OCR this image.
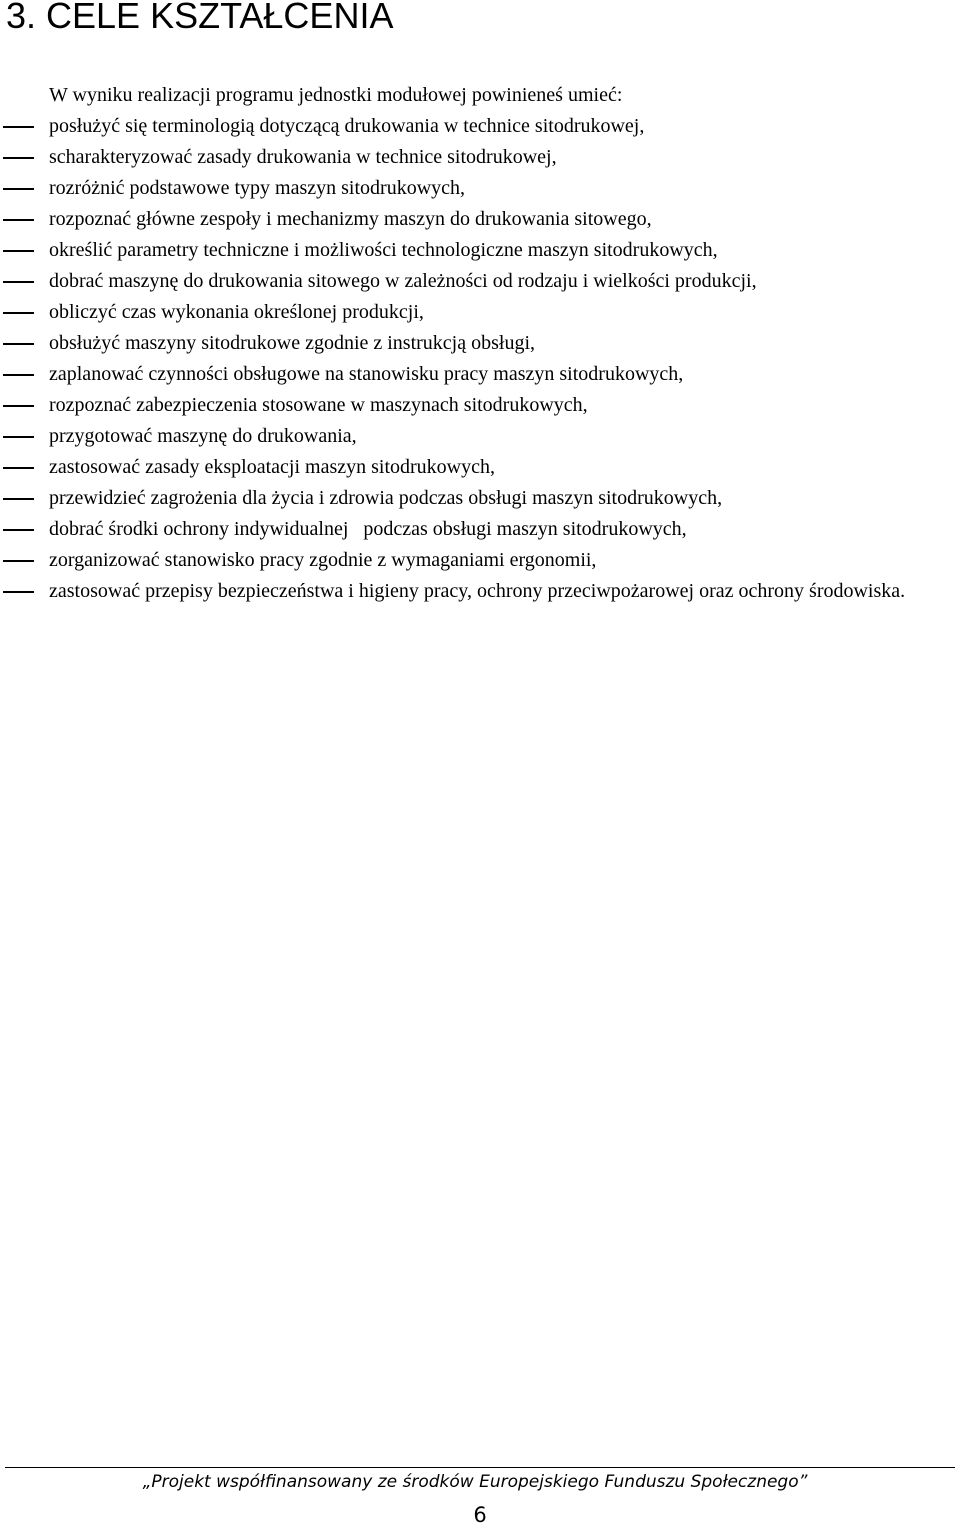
3. CELE KSZTAŁCENIA

W wyniku realizacji programu jednostki modułowej powinieneś umieć:

posłużyć się terminologią dotyczącą drukowania w technice sitodrukowej,
scharakteryzować zasady drukowania w technice sitodrukowej,
rozróżnić podstawowe typy maszyn sitodrukowych,
rozpoznać główne zespoły i mechanizmy maszyn do drukowania sitowego,
określić parametry techniczne i możliwości technologiczne maszyn sitodrukowych,
dobrać maszynę do drukowania sitowego w zależności od rodzaju i wielkości produkcji,
obliczyć czas wykonania określonej produkcji,
obsłużyć maszyny sitodrukowe zgodnie z instrukcją obsługi,
zaplanować czynności obsługowe na stanowisku pracy maszyn sitodrukowych,
rozpoznać zabezpieczenia stosowane w maszynach sitodrukowych,
przygotować maszynę do drukowania,
zastosować zasady eksploatacji maszyn sitodrukowych,
przewidzieć zagrożenia dla życia i zdrowia podczas obsługi maszyn sitodrukowych,
dobrać środki ochrony indywidualnej   podczas obsługi maszyn sitodrukowych,
zorganizować stanowisko pracy zgodnie z wymaganiami ergonomii,
zastosować przepisy bezpieczeństwa i higieny pracy, ochrony przeciwpożarowej oraz ochrony środowiska.
„Projekt współfinansowany ze środków Europejskiego Funduszu Społecznego”
6
